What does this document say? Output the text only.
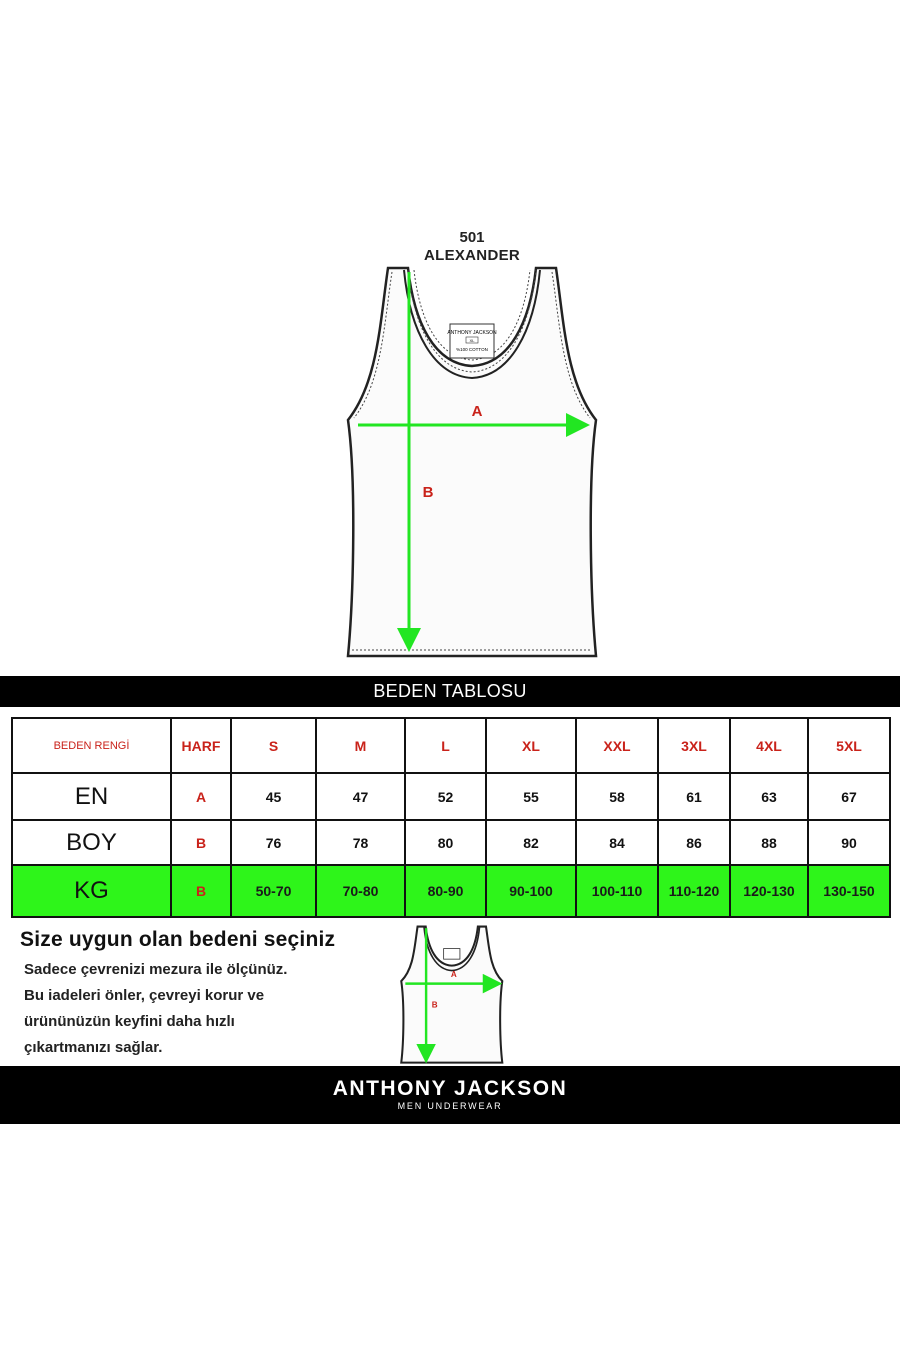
501
ALEXANDER
ANTHONY JACKSON
XL
%100 COTTON
A
B
BEDEN TABLOSU
BEDEN RENGİ	HARF	S	M	L	XL	XXL	3XL	4XL	5XL
EN	A	45	47	52	55	58	61	63	67
BOY	B	76	78	80	82	84	86	88	90
KG	B	50-70	70-80	80-90	90-100	100-110	110-120	120-130	130-150
Size uygun olan bedeni seçiniz
Sadece çevrenizi mezura ile ölçünüz.
Bu iadeleri önler, çevreyi korur ve
ürününüzün keyfini daha hızlı
çıkartmanızı sağlar.
A
B
ANTHONY JACKSON
MEN UNDERWEAR
